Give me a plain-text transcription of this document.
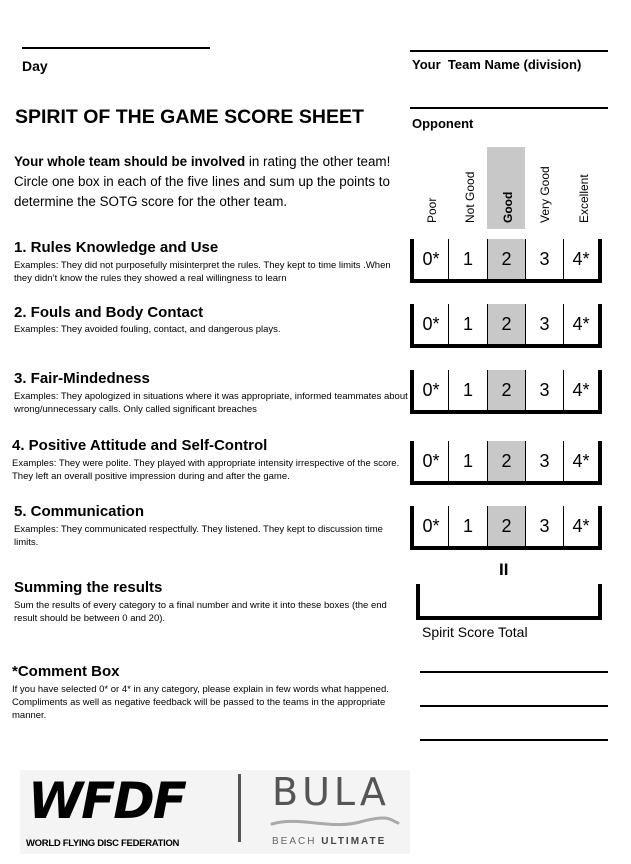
Day	Your  Team Name (division)
SPIRIT OF THE GAME SCORE SHEET	Opponent
Your whole team should be involved in rating the other team! Circle one box in each of the five lines and sum up the points to determine the SOTG score for the other team.	Poor Not Good Good Very Good Excellent
1. Rules Knowledge and Use
Examples: They did not purposefully misinterpret the rules. They kept to time limits .When they didn’t know the rules they showed a real willingness to learn
0*	1	2	3	4*
2. Fouls and Body Contact
Examples: They avoided fouling, contact, and dangerous plays.	0*	1	2	3	4*
3. Fair-Mindedness
Examples: They apologized in situations where it was appropriate, informed teammates about wrong/unnecessary calls. Only called significant breaches
0*	1	2	3	4*
4. Positive Attitude and Self-Control
Examples: They were polite. They played with appropriate intensity irrespective of the score. They left an overall positive impression during and after the game.
0*	1	2	3	4*
5. Communication
Examples: They communicated respectfully. They listened. They kept to discussion time limits.
0*	1	2	3	4*
II
Summing the results
Sum the results of every category to a final number and write it into these boxes (the end result should be between 0 and 20).
Spirit Score Total
*Comment Box
If you have selected 0* or 4* in any category, please explain in few words what happened. Compliments as well as negative feedback will be passed to the teams in the appropriate manner.
WFDF
WORLD FLYING DISC FEDERATION
BULA
BEACH ULTIMATE
